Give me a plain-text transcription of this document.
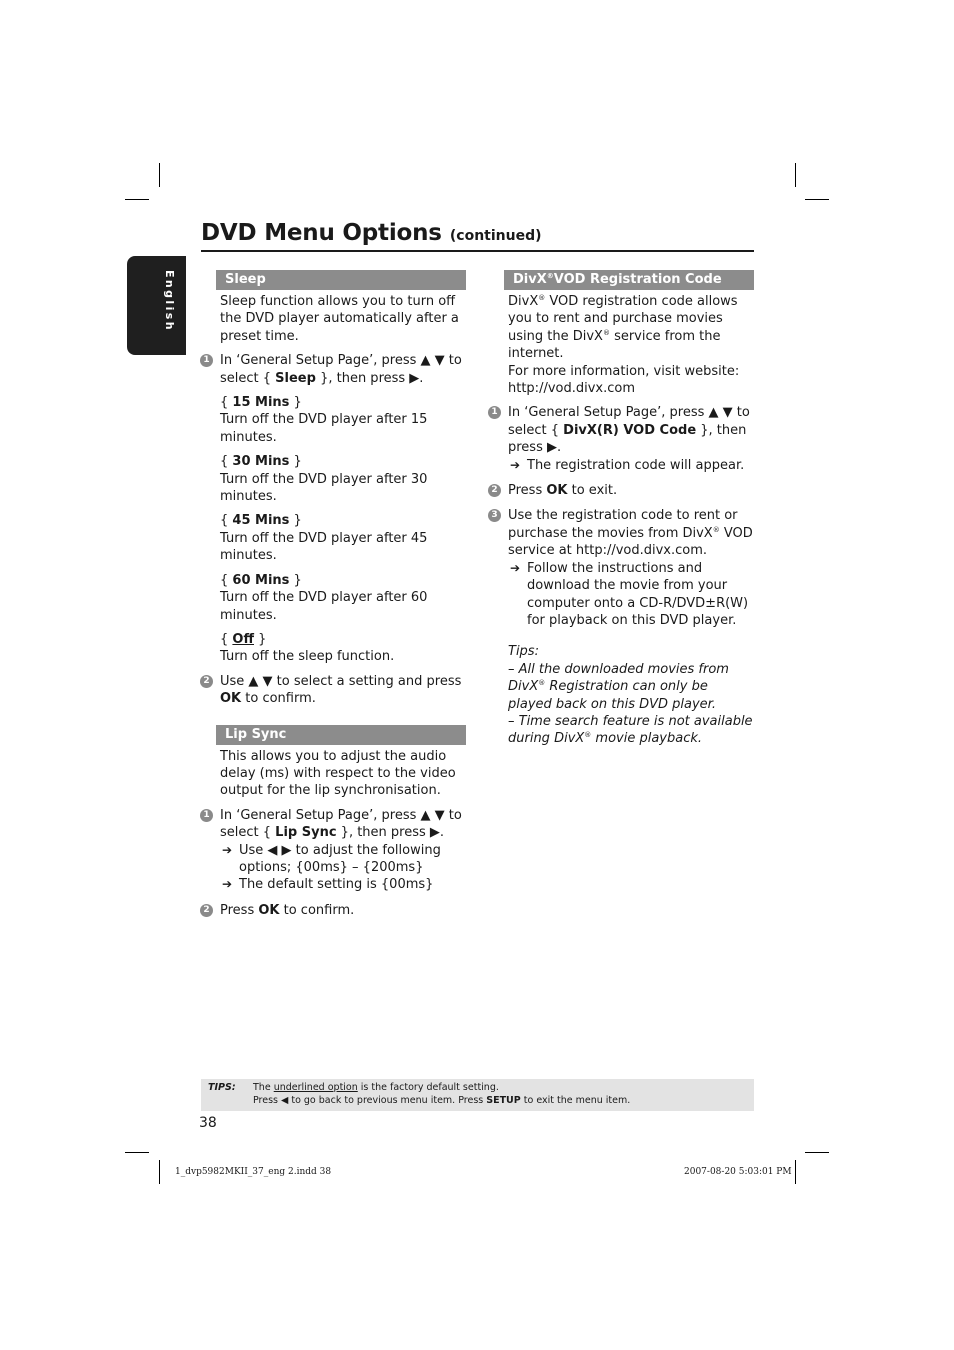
DVD Menu Options (continued)
English	Sleep

Sleep function allows you to turn off the DVD player automatically after a preset time.

1 In ‘General Setup Page’, press ▲ ▼ to select { Sleep }, then press ▶.
{ 15 Mins }
Turn off the DVD player after 15 minutes.
{ 30 Mins }
Turn off the DVD player after 30 minutes.
{ 45 Mins }
Turn off the DVD player after 45 minutes.
{ 60 Mins }
Turn off the DVD player after 60 minutes.
{ Off }
Turn off the sleep function.
2 Use ▲ ▼ to select a setting and press OK to confirm.
Lip Sync

This allows you to adjust the audio delay (ms) with respect to the video output for the lip synchronisation.

1 In ‘General Setup Page’, press ▲ ▼ to select { Lip Sync }, then press ▶.
➔ Use ◀ ▶ to adjust the following options; {00ms} – {200ms}
➔ The default setting is {00ms}
2 Press OK to confirm.
DivX®VOD Registration Code
DivX® VOD registration code allows you to rent and purchase movies using the DivX® service from the internet.
For more information, visit website: http://vod.divx.com
1 In ‘General Setup Page’, press ▲ ▼ to select { DivX(R) VOD Code }, then press ▶.
➔ The registration code will appear.
2 Press OK to exit.
3 Use the registration code to rent or purchase the movies from DivX® VOD service at http://vod.divx.com.
➔ Follow the instructions and download the movie from your computer onto a CD-R/DVD±R(W) for playback on this DVD player.
Tips:
– All the downloaded movies from DivX® Registration can only be played back on this DVD player.
– Time search feature is not available during DivX® movie playback.
TIPS: The underlined option is the factory default setting.
Press ◀ to go back to previous menu item. Press SETUP to exit the menu item.
38
1_dvp5982MKII_37_eng 2.indd 38	2007-08-20 5:03:01 PM
